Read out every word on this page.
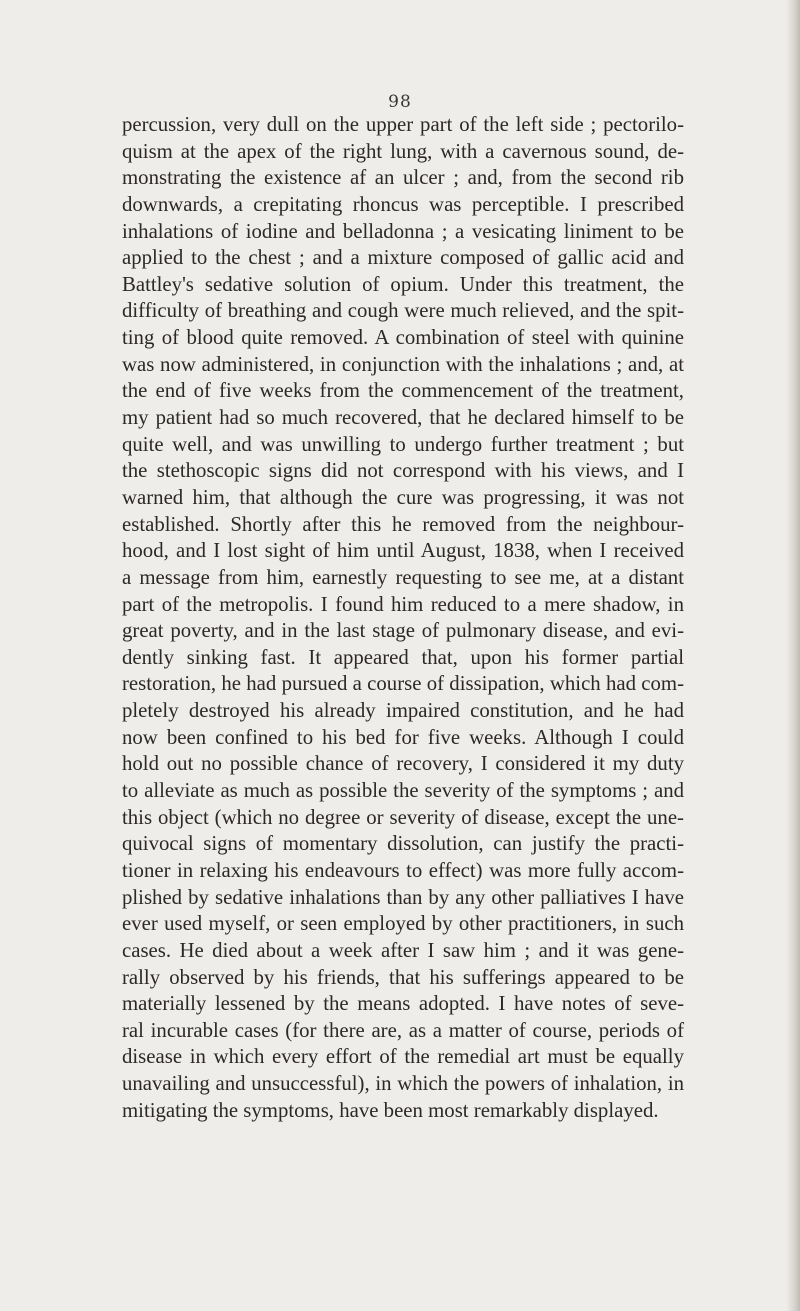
98
percussion, very dull on the upper part of the left side ; pectorilo-
quism at the apex of the right lung, with a cavernous sound, de-
monstrating the existence af an ulcer ; and, from the second rib
downwards, a crepitating rhoncus was perceptible. I prescribed
inhalations of iodine and belladonna ; a vesicating liniment to be
applied to the chest ; and a mixture composed of gallic acid and
Battley's sedative solution of opium. Under this treatment, the
difficulty of breathing and cough were much relieved, and the spit-
ting of blood quite removed. A combination of steel with quinine
was now administered, in conjunction with the inhalations ; and, at
the end of five weeks from the commencement of the treatment,
my patient had so much recovered, that he declared himself to be
quite well, and was unwilling to undergo further treatment ; but
the stethoscopic signs did not correspond with his views, and I
warned him, that although the cure was progressing, it was not
established. Shortly after this he removed from the neighbour-
hood, and I lost sight of him until August, 1838, when I received
a message from him, earnestly requesting to see me, at a distant
part of the metropolis. I found him reduced to a mere shadow, in
great poverty, and in the last stage of pulmonary disease, and evi-
dently sinking fast. It appeared that, upon his former partial
restoration, he had pursued a course of dissipation, which had com-
pletely destroyed his already impaired constitution, and he had
now been confined to his bed for five weeks. Although I could
hold out no possible chance of recovery, I considered it my duty
to alleviate as much as possible the severity of the symptoms ; and
this object (which no degree or severity of disease, except the une-
quivocal signs of momentary dissolution, can justify the practi-
tioner in relaxing his endeavours to effect) was more fully accom-
plished by sedative inhalations than by any other palliatives I have
ever used myself, or seen employed by other practitioners, in such
cases. He died about a week after I saw him ; and it was gene-
rally observed by his friends, that his sufferings appeared to be
materially lessened by the means adopted. I have notes of seve-
ral incurable cases (for there are, as a matter of course, periods of
disease in which every effort of the remedial art must be equally
unavailing and unsuccessful), in which the powers of inhalation, in
mitigating the symptoms, have been most remarkably displayed.
